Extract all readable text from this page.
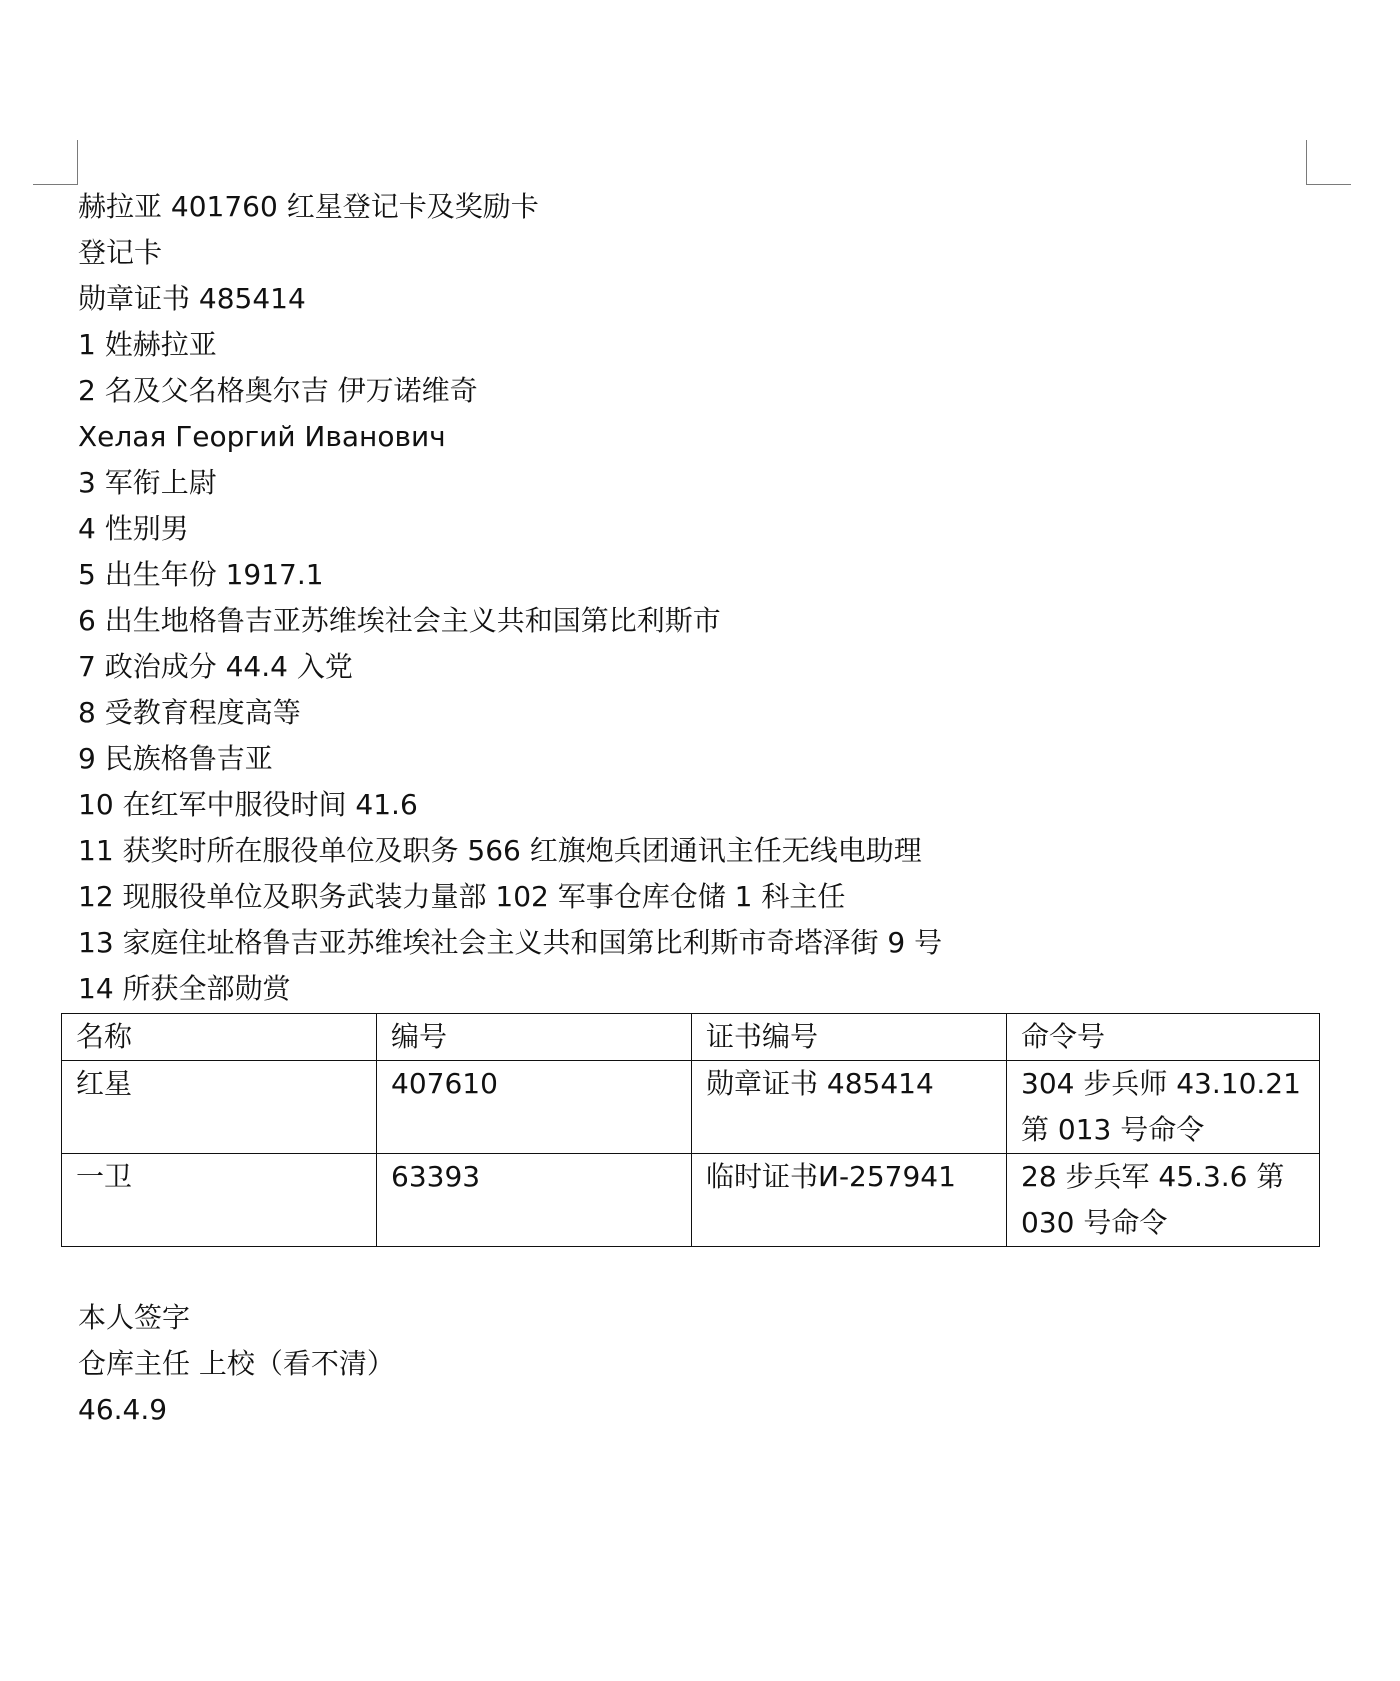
赫拉亚 401760 红星登记卡及奖励卡
登记卡
勋章证书 485414
1 姓赫拉亚
2 名及父名格奥尔吉 伊万诺维奇
Хелая Георгий Иванович
3 军衔上尉
4 性别男
5 出生年份 1917.1
6 出生地格鲁吉亚苏维埃社会主义共和国第比利斯市
7 政治成分 44.4 入党
8 受教育程度高等
9 民族格鲁吉亚
10 在红军中服役时间 41.6
11 获奖时所在服役单位及职务 566 红旗炮兵团通讯主任无线电助理
12 现服役单位及职务武装力量部 102 军事仓库仓储 1 科主任
13 家庭住址格鲁吉亚苏维埃社会主义共和国第比利斯市奇塔泽街 9 号
14 所获全部勋赏
名称	编号	证书编号	命令号
红星	407610	勋章证书 485414	304 步兵师 43.10.21 第 013 号命令
一卫	63393	临时证书И-257941	28 步兵军 45.3.6 第 030 号命令
本人签字
仓库主任 上校（看不清）
46.4.9
